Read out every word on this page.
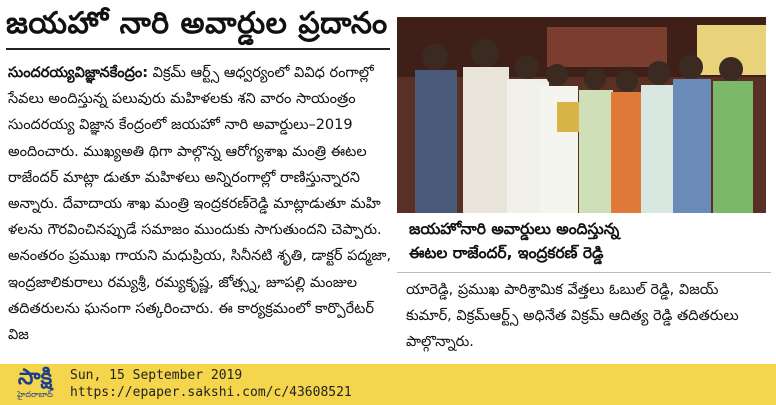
జయహో నారి అవార్డుల ప్రదానం

సుందరయ్యవిజ్ఞానకేంద్రం: విక్రమ్ ఆర్ట్స్ ఆధ్వర్యంలో వివిధ రంగాల్లో సేవలు అందిస్తున్న పలువురు మహిళలకు శని వారం సాయంత్రం సుందరయ్య విజ్ఞాన కేంద్రంలో జయహో నారి అవార్డులు–2019 అందించారు. ముఖ్యఅతి థిగా పాల్గొన్న ఆరోగ్యశాఖ మంత్రి ఈటల రాజేందర్ మాట్లా డుతూ మహిళలు అన్నిరంగాల్లో రాణిస్తున్నారని అన్నారు. దేవాదాయ శాఖ మంత్రి ఇంద్రకరణ్‌రెడ్డి మాట్లాడుతూ మహి ళలను గౌరవించినప్పుడే సమాజం ముందుకు సాగుతుందని చెప్పారు. అనంతరం ప్రముఖ గాయని మధుప్రియ, సినీనటి శృతి, డాక్టర్ పద్మజా, ఇంద్రజాలికురాలు రమ్యశ్రీ, రమ్యకృష్ణ, జోత్స్న, జూపల్లి మంజుల తదితరులను ఘనంగా సత్కరించారు. ఈ కార్యక్రమంలో కార్పొరేటర్ విజ

జయహోనారి అవార్డులు అందిస్తున్న
ఈటల రాజేందర్, ఇంద్రకరణ్ రెడ్డి
యారెడ్డి, ప్రముఖ పారిశ్రామిక వేత్తలు ఓబుల్ రెడ్డి, విజయ్ కుమార్, విక్రమ్ఆర్ట్స్ అధినేత విక్రమ్ ఆదిత్య రెడ్డి తదితరులు పాల్గొన్నారు.
సాక్షి
హైదరాబాద్
Sun, 15 September 2019
https://epaper.sakshi.com/c/43608521
